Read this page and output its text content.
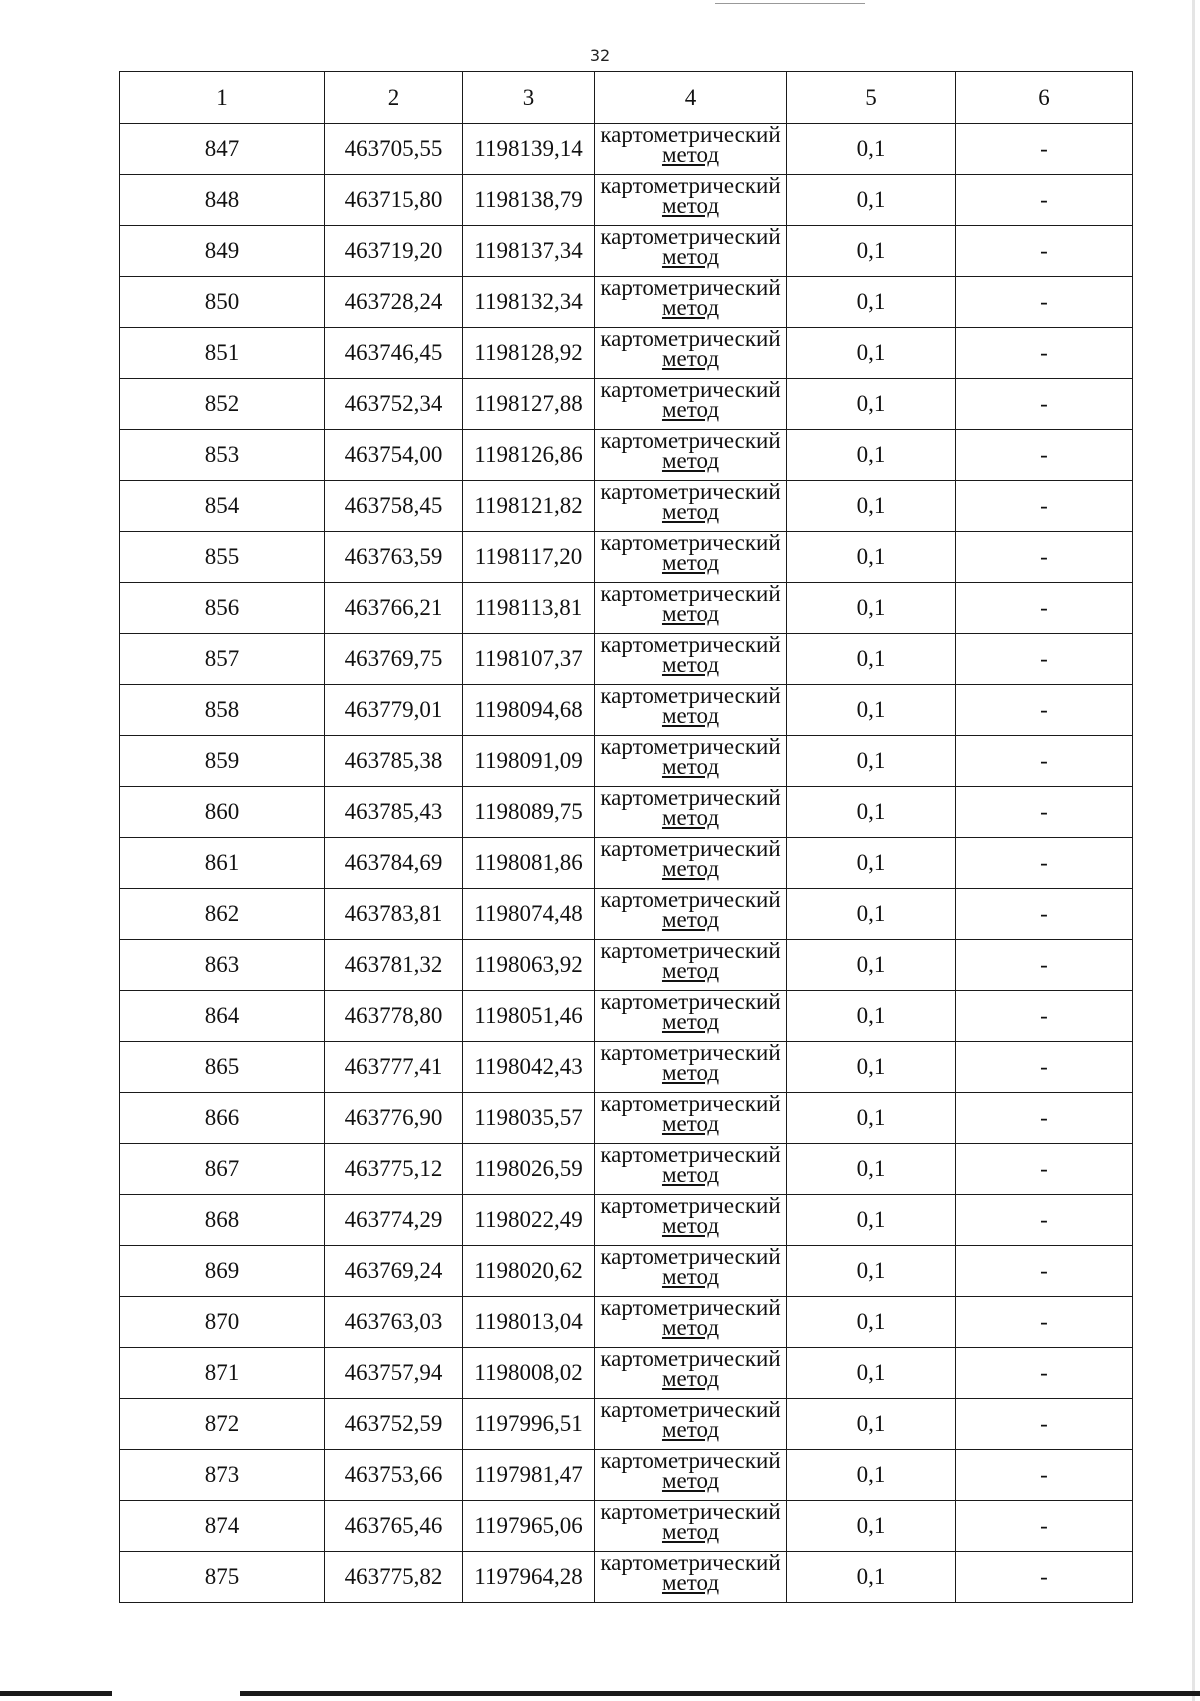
32
1	2	3	4	5	6
847	463705,55	1198139,14	картометрический
метод	0,1	-
848	463715,80	1198138,79	картометрический
метод	0,1	-
849	463719,20	1198137,34	картометрический
метод	0,1	-
850	463728,24	1198132,34	картометрический
метод	0,1	-
851	463746,45	1198128,92	картометрический
метод	0,1	-
852	463752,34	1198127,88	картометрический
метод	0,1	-
853	463754,00	1198126,86	картометрический
метод	0,1	-
854	463758,45	1198121,82	картометрический
метод	0,1	-
855	463763,59	1198117,20	картометрический
метод	0,1	-
856	463766,21	1198113,81	картометрический
метод	0,1	-
857	463769,75	1198107,37	картометрический
метод	0,1	-
858	463779,01	1198094,68	картометрический
метод	0,1	-
859	463785,38	1198091,09	картометрический
метод	0,1	-
860	463785,43	1198089,75	картометрический
метод	0,1	-
861	463784,69	1198081,86	картометрический
метод	0,1	-
862	463783,81	1198074,48	картометрический
метод	0,1	-
863	463781,32	1198063,92	картометрический
метод	0,1	-
864	463778,80	1198051,46	картометрический
метод	0,1	-
865	463777,41	1198042,43	картометрический
метод	0,1	-
866	463776,90	1198035,57	картометрический
метод	0,1	-
867	463775,12	1198026,59	картометрический
метод	0,1	-
868	463774,29	1198022,49	картометрический
метод	0,1	-
869	463769,24	1198020,62	картометрический
метод	0,1	-
870	463763,03	1198013,04	картометрический
метод	0,1	-
871	463757,94	1198008,02	картометрический
метод	0,1	-
872	463752,59	1197996,51	картометрический
метод	0,1	-
873	463753,66	1197981,47	картометрический
метод	0,1	-
874	463765,46	1197965,06	картометрический
метод	0,1	-
875	463775,82	1197964,28	картометрический
метод	0,1	-
